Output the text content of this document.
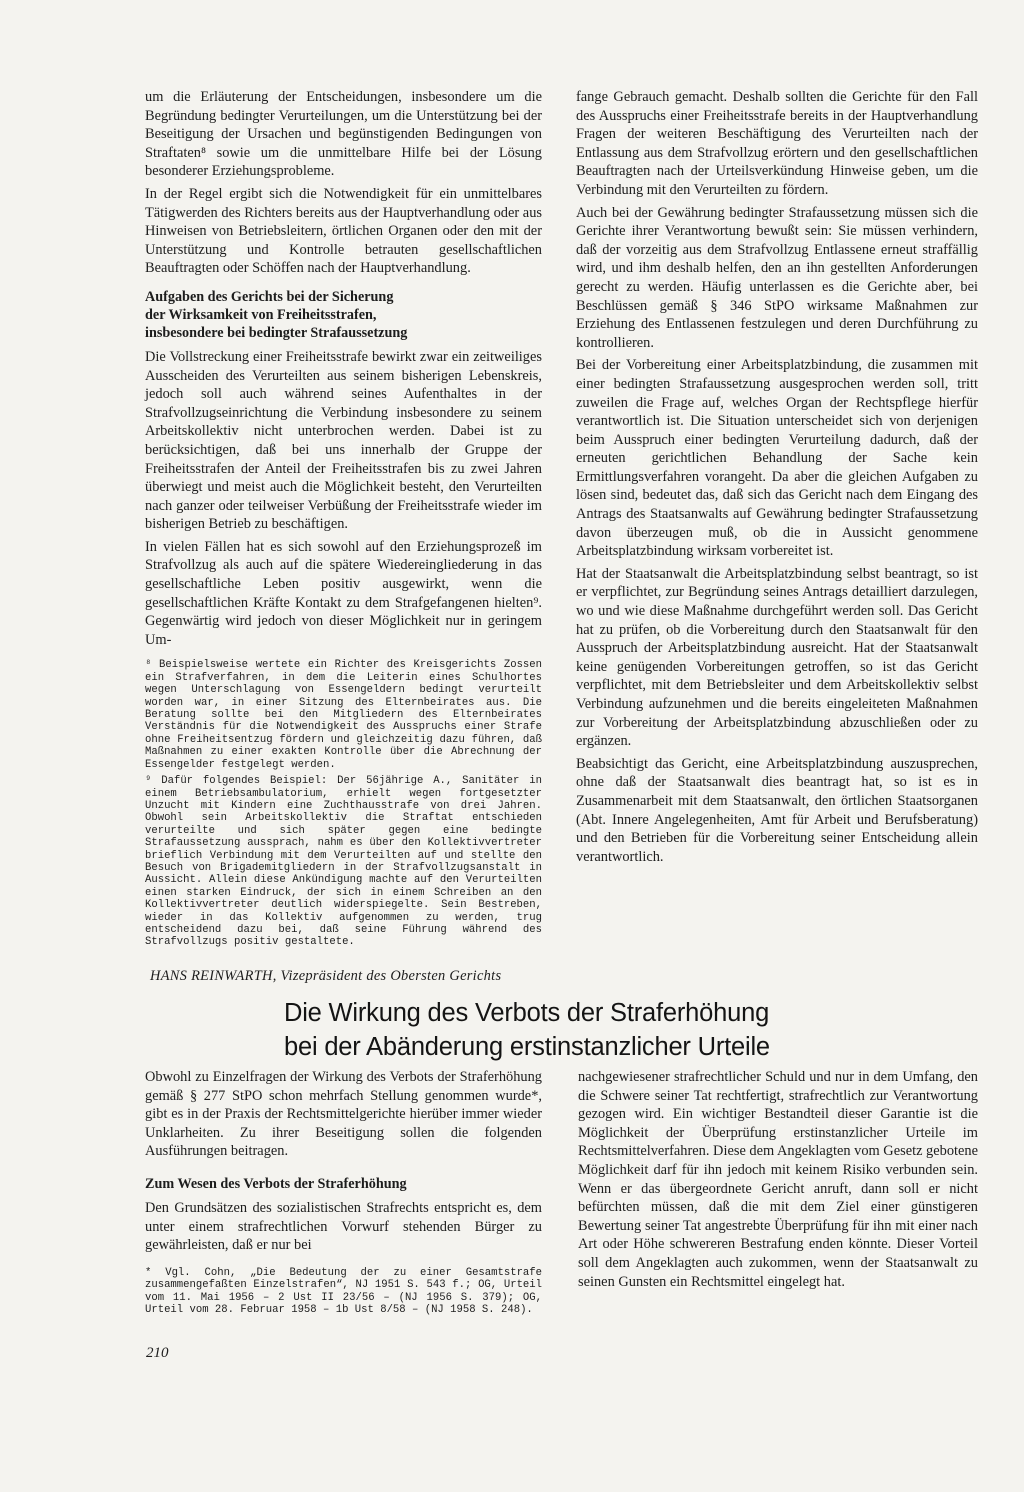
um die Erläuterung der Entscheidungen, insbesondere um die Begründung bedingter Verurteilungen, um die Unterstützung bei der Beseitigung der Ursachen und begünstigenden Bedingungen von Straftaten⁸ sowie um die unmittelbare Hilfe bei der Lösung besonderer Erziehungsprobleme.

In der Regel ergibt sich die Notwendigkeit für ein unmittelbares Tätigwerden des Richters bereits aus der Hauptverhandlung oder aus Hinweisen von Betriebsleitern, örtlichen Organen oder den mit der Unterstützung und Kontrolle betrauten gesellschaftlichen Beauftragten oder Schöffen nach der Hauptverhandlung.

Aufgaben des Gerichts bei der Sicherung
der Wirksamkeit von Freiheitsstrafen,
insbesondere bei bedingter Strafaussetzung

Die Vollstreckung einer Freiheitsstrafe bewirkt zwar ein zeitweiliges Ausscheiden des Verurteilten aus seinem bisherigen Lebenskreis, jedoch soll auch während seines Aufenthaltes in der Strafvollzugseinrichtung die Verbindung insbesondere zu seinem Arbeitskollektiv nicht unterbrochen werden. Dabei ist zu berücksichtigen, daß bei uns innerhalb der Gruppe der Freiheitsstrafen der Anteil der Freiheitsstrafen bis zu zwei Jahren überwiegt und meist auch die Möglichkeit besteht, den Verurteilten nach ganzer oder teilweiser Verbüßung der Freiheitsstrafe wieder im bisherigen Betrieb zu beschäftigen.

In vielen Fällen hat es sich sowohl auf den Erziehungsprozeß im Strafvollzug als auch auf die spätere Wiedereingliederung in das gesellschaftliche Leben positiv ausgewirkt, wenn die gesellschaftlichen Kräfte Kontakt zu dem Strafgefangenen hielten⁹. Gegenwärtig wird jedoch von dieser Möglichkeit nur in geringem Um-

⁸ Beispielsweise wertete ein Richter des Kreisgerichts Zossen ein Strafverfahren, in dem die Leiterin eines Schulhortes wegen Unterschlagung von Essengeldern bedingt verurteilt worden war, in einer Sitzung des Elternbeirates aus. Die Beratung sollte bei den Mitgliedern des Elternbeirates Verständnis für die Notwendigkeit des Ausspruchs einer Strafe ohne Freiheitsentzug fördern und gleichzeitig dazu führen, daß Maßnahmen zu einer exakten Kontrolle über die Abrechnung der Essengelder festgelegt werden.

⁹ Dafür folgendes Beispiel: Der 56jährige A., Sanitäter in einem Betriebsambulatorium, erhielt wegen fortgesetzter Unzucht mit Kindern eine Zuchthausstrafe von drei Jahren. Obwohl sein Arbeitskollektiv die Straftat entschieden verurteilte und sich später gegen eine bedingte Strafaussetzung aussprach, nahm es über den Kollektivvertreter brieflich Verbindung mit dem Verurteilten auf und stellte den Besuch von Brigademitgliedern in der Strafvollzugsanstalt in Aussicht. Allein diese Ankündigung machte auf den Verurteilten einen starken Eindruck, der sich in einem Schreiben an den Kollektivvertreter deutlich widerspiegelte. Sein Bestreben, wieder in das Kollektiv aufgenommen zu werden, trug entscheidend dazu bei, daß seine Führung während des Strafvollzugs positiv gestaltete.

fange Gebrauch gemacht. Deshalb sollten die Gerichte für den Fall des Ausspruchs einer Freiheitsstrafe bereits in der Hauptverhandlung Fragen der weiteren Beschäftigung des Verurteilten nach der Entlassung aus dem Strafvollzug erörtern und den gesellschaftlichen Beauftragten nach der Urteilsverkündung Hinweise geben, um die Verbindung mit den Verurteilten zu fördern.

Auch bei der Gewährung bedingter Strafaussetzung müssen sich die Gerichte ihrer Verantwortung bewußt sein: Sie müssen verhindern, daß der vorzeitig aus dem Strafvollzug Entlassene erneut straffällig wird, und ihm deshalb helfen, den an ihn gestellten Anforderungen gerecht zu werden. Häufig unterlassen es die Gerichte aber, bei Beschlüssen gemäß § 346 StPO wirksame Maßnahmen zur Erziehung des Entlassenen festzulegen und deren Durchführung zu kontrollieren.

Bei der Vorbereitung einer Arbeitsplatzbindung, die zusammen mit einer bedingten Strafaussetzung ausgesprochen werden soll, tritt zuweilen die Frage auf, welches Organ der Rechtspflege hierfür verantwortlich ist. Die Situation unterscheidet sich von derjenigen beim Ausspruch einer bedingten Verurteilung dadurch, daß der erneuten gerichtlichen Behandlung der Sache kein Ermittlungsverfahren vorangeht. Da aber die gleichen Aufgaben zu lösen sind, bedeutet das, daß sich das Gericht nach dem Eingang des Antrags des Staatsanwalts auf Gewährung bedingter Strafaussetzung davon überzeugen muß, ob die in Aussicht genommene Arbeitsplatzbindung wirksam vorbereitet ist.

Hat der Staatsanwalt die Arbeitsplatzbindung selbst beantragt, so ist er verpflichtet, zur Begründung seines Antrags detailliert darzulegen, wo und wie diese Maßnahme durchgeführt werden soll. Das Gericht hat zu prüfen, ob die Vorbereitung durch den Staatsanwalt für den Ausspruch der Arbeitsplatzbindung ausreicht. Hat der Staatsanwalt keine genügenden Vorbereitungen getroffen, so ist das Gericht verpflichtet, mit dem Betriebsleiter und dem Arbeitskollektiv selbst Verbindung aufzunehmen und die bereits eingeleiteten Maßnahmen zur Vorbereitung der Arbeitsplatzbindung abzuschließen oder zu ergänzen.

Beabsichtigt das Gericht, eine Arbeitsplatzbindung auszusprechen, ohne daß der Staatsanwalt dies beantragt hat, so ist es in Zusammenarbeit mit dem Staatsanwalt, den örtlichen Staatsorganen (Abt. Innere Angelegenheiten, Amt für Arbeit und Berufsberatung) und den Betrieben für die Vorbereitung seiner Entscheidung allein verantwortlich.

HANS REINWARTH, Vizepräsident des Obersten Gerichts
Die Wirkung des Verbots der Straferhöhung
bei der Abänderung erstinstanzlicher Urteile

Obwohl zu Einzelfragen der Wirkung des Verbots der Straferhöhung gemäß § 277 StPO schon mehrfach Stellung genommen wurde*, gibt es in der Praxis der Rechtsmittelgerichte hierüber immer wieder Unklarheiten. Zu ihrer Beseitigung sollen die folgenden Ausführungen beitragen.

Zum Wesen des Verbots der Straferhöhung

Den Grundsätzen des sozialistischen Strafrechts entspricht es, dem unter einem strafrechtlichen Vorwurf stehenden Bürger zu gewährleisten, daß er nur bei

* Vgl. Cohn, „Die Bedeutung der zu einer Gesamtstrafe zusammengefaßten Einzelstrafen“, NJ 1951 S. 543 f.; OG, Urteil vom 11. Mai 1956 – 2 Ust II 23/56 – (NJ 1956 S. 379); OG, Urteil vom 28. Februar 1958 – 1b Ust 8/58 – (NJ 1958 S. 248).

nachgewiesener strafrechtlicher Schuld und nur in dem Umfang, den die Schwere seiner Tat rechtfertigt, strafrechtlich zur Verantwortung gezogen wird. Ein wichtiger Bestandteil dieser Garantie ist die Möglichkeit der Überprüfung erstinstanzlicher Urteile im Rechtsmittelverfahren. Diese dem Angeklagten vom Gesetz gebotene Möglichkeit darf für ihn jedoch mit keinem Risiko verbunden sein. Wenn er das übergeordnete Gericht anruft, dann soll er nicht befürchten müssen, daß die mit dem Ziel einer günstigeren Bewertung seiner Tat angestrebte Überprüfung für ihn mit einer nach Art oder Höhe schwereren Bestrafung enden könnte. Dieser Vorteil soll dem Angeklagten auch zukommen, wenn der Staatsanwalt zu seinen Gunsten ein Rechtsmittel eingelegt hat.

210
